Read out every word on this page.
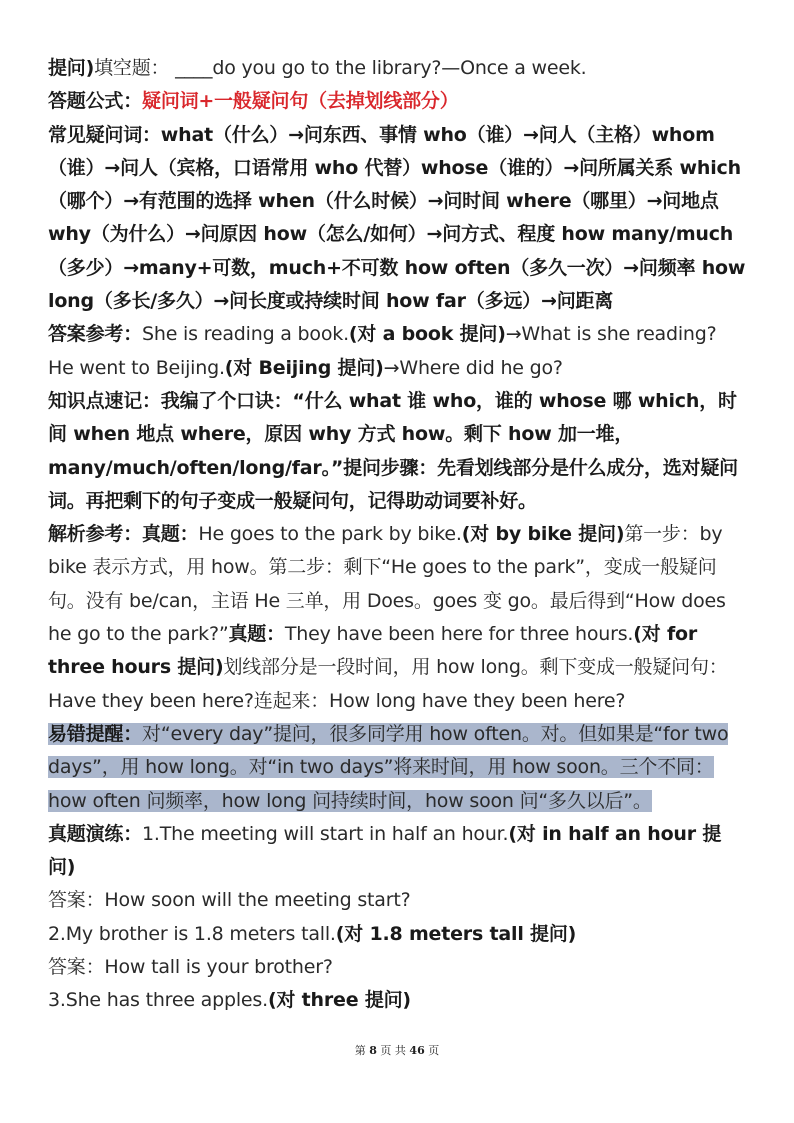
提问)填空题： ____do you go to the library?—Once a week.

答题公式：疑问词+一般疑问句（去掉划线部分）

常见疑问词：what（什么）→问东西、事情 who（谁）→问人（主格）whom（谁）→问人（宾格，口语常用 who 代替）whose（谁的）→问所属关系 which（哪个）→有范围的选择 when（什么时候）→问时间 where（哪里）→问地点 why（为什么）→问原因 how（怎么/如何）→问方式、程度 how many/much（多少）→many+可数，much+不可数 how often（多久一次）→问频率 how long（多长/多久）→问长度或持续时间 how far（多远）→问距离

答案参考：She is reading a book.(对 a book 提问)→What is she reading?
He went to Beijing.(对 Beijing 提问)→Where did he go?

知识点速记：我编了个口诀：“什么 what 谁 who，谁的 whose 哪 which，时间 when 地点 where，原因 why 方式 how。剩下 how 加一堆，many/much/often/long/far。”提问步骤：先看划线部分是什么成分，选对疑问词。再把剩下的句子变成一般疑问句，记得助动词要补好。

解析参考：真题：He goes to the park by bike.(对 by bike 提问)第一步：by bike 表示方式，用 how。第二步：剩下“He goes to the park”，变成一般疑问句。没有 be/can，主语 He 三单，用 Does。goes 变 go。最后得到“How does he go to the park?”真题：They have been here for three hours.(对 for three hours 提问)划线部分是一段时间，用 how long。剩下变成一般疑问句：Have they been here?连起来：How long have they been here?

易错提醒：对“every day”提问，很多同学用 how often。对。但如果是“for two days”，用 how long。对“in two days”将来时间，用 how soon。三个不同：how often 问频率，how long 问持续时间，how soon 问“多久以后”。

真题演练：1.The meeting will start in half an hour.(对 in half an hour 提问)

答案：How soon will the meeting start?

2.My brother is 1.8 meters tall.(对 1.8 meters tall 提问)

答案：How tall is your brother?

3.She has three apples.(对 three 提问)

第 8 页 共 46 页
